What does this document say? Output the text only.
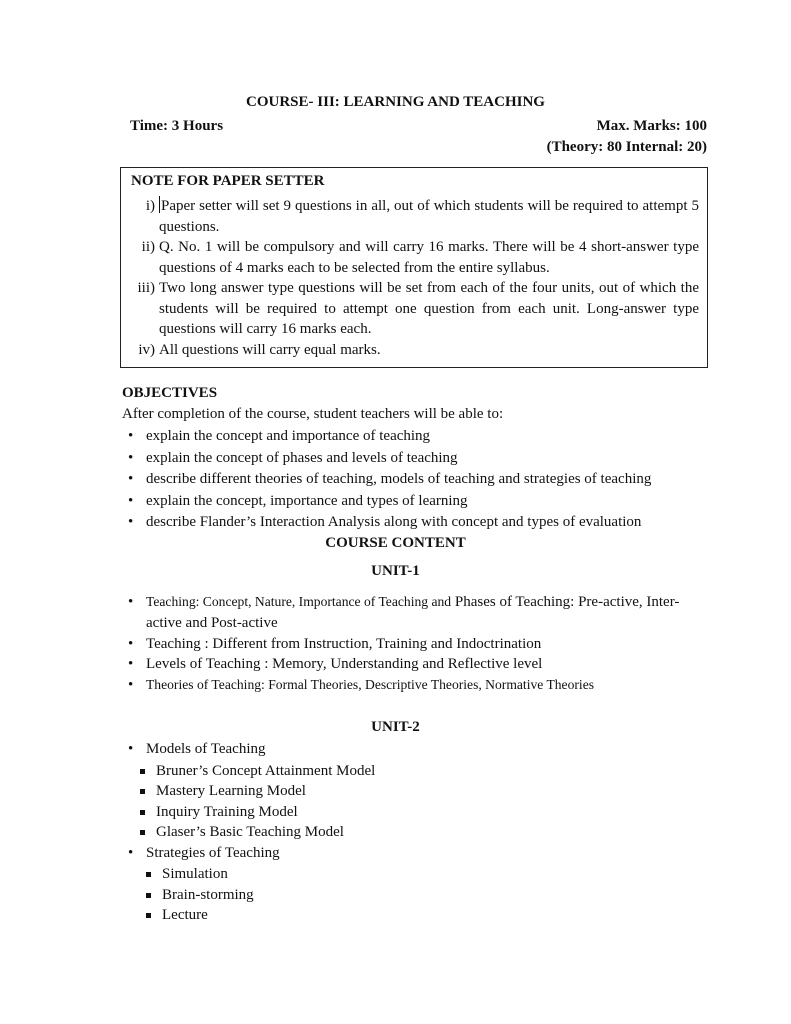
COURSE- III: LEARNING AND TEACHING
Time: 3 Hours	Max. Marks: 100
(Theory: 80 Internal: 20)
NOTE FOR PAPER SETTER
i) Paper setter will set 9 questions in all, out of which students will be required to attempt 5 questions.
ii) Q. No. 1 will be compulsory and will carry 16 marks. There will be 4 short-answer type questions of 4 marks each to be selected from the entire syllabus.
iii) Two long answer type questions will be set from each of the four units, out of which the students will be required to attempt one question from each unit. Long-answer type questions will carry 16 marks each.
iv) All questions will carry equal marks.
OBJECTIVES
After completion of the course, student teachers will be able to:
• explain the concept and importance of teaching
• explain the concept of phases and levels of teaching
• describe different theories of teaching, models of teaching and strategies of teaching
• explain the concept, importance and types of learning
• describe Flander’s Interaction Analysis along with concept and types of evaluation
COURSE CONTENT
UNIT-1
• Teaching: Concept, Nature, Importance of Teaching and Phases of Teaching: Pre-active, Inter-active and Post-active
• Teaching : Different from Instruction, Training and Indoctrination
• Levels of Teaching : Memory, Understanding and Reflective level
• Theories of Teaching: Formal Theories, Descriptive Theories, Normative Theories
UNIT-2
• Models of Teaching
Bruner’s Concept Attainment Model
Mastery Learning Model
Inquiry Training Model
Glaser’s Basic Teaching Model
• Strategies of Teaching
Simulation
Brain-storming
Lecture
